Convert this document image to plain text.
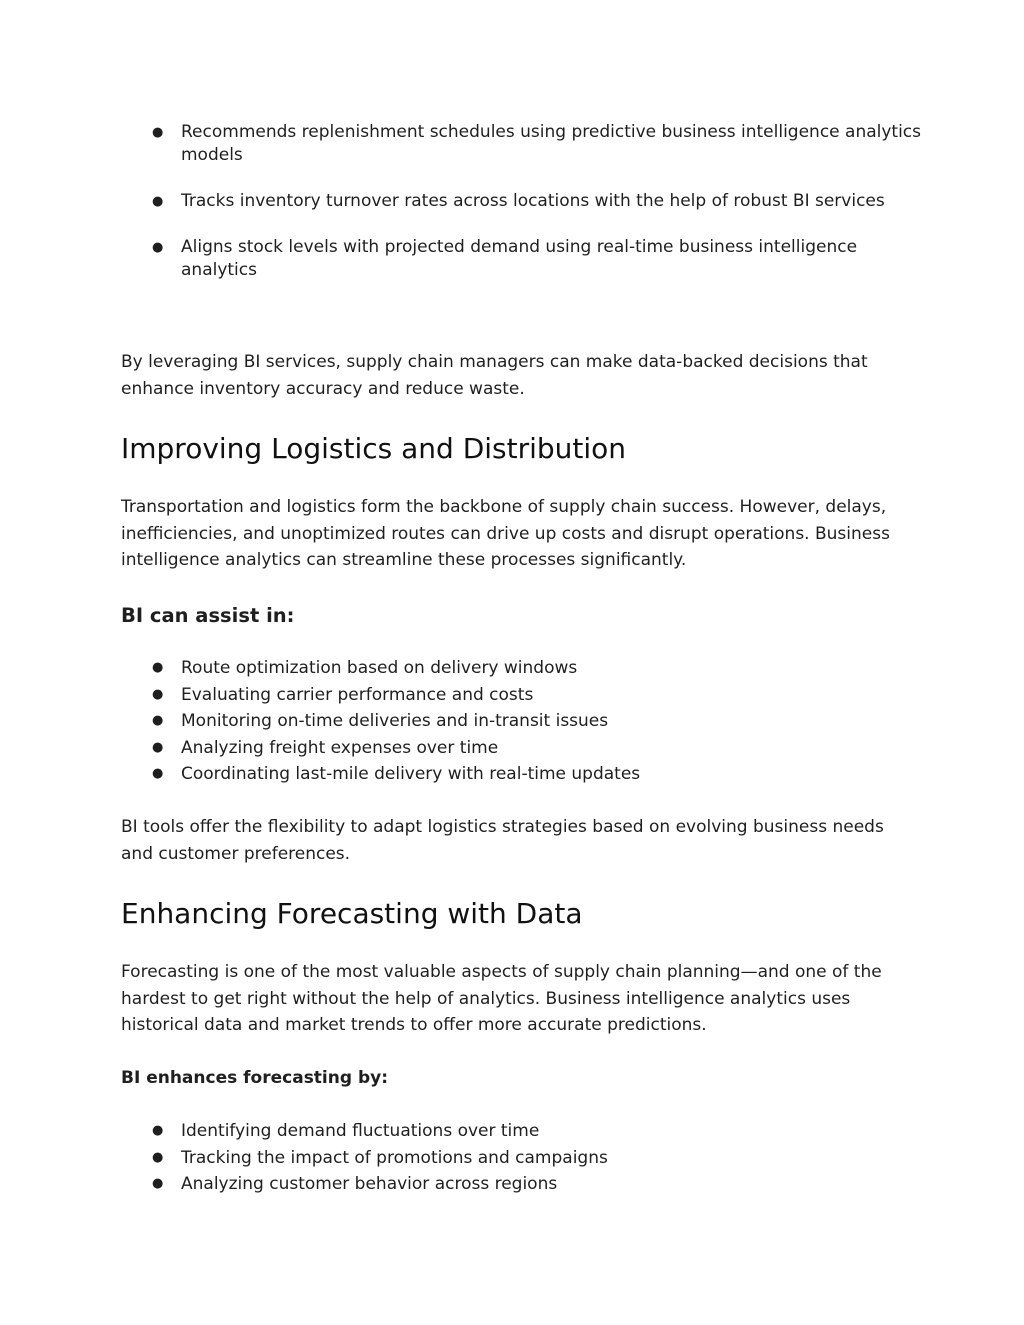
● Recommends replenishment schedules using predictive business intelligence analytics models
● Tracks inventory turnover rates across locations with the help of robust BI services
● Aligns stock levels with projected demand using real-time business intelligence analytics

By leveraging BI services, supply chain managers can make data-backed decisions that enhance inventory accuracy and reduce waste.

Improving Logistics and Distribution

Transportation and logistics form the backbone of supply chain success. However, delays, inefficiencies, and unoptimized routes can drive up costs and disrupt operations. Business intelligence analytics can streamline these processes significantly.

BI can assist in:
● Route optimization based on delivery windows
● Evaluating carrier performance and costs
● Monitoring on-time deliveries and in-transit issues
● Analyzing freight expenses over time
● Coordinating last-mile delivery with real-time updates

BI tools offer the flexibility to adapt logistics strategies based on evolving business needs and customer preferences.

Enhancing Forecasting with Data

Forecasting is one of the most valuable aspects of supply chain planning—and one of the hardest to get right without the help of analytics. Business intelligence analytics uses historical data and market trends to offer more accurate predictions.

BI enhances forecasting by:
● Identifying demand fluctuations over time
● Tracking the impact of promotions and campaigns
● Analyzing customer behavior across regions
